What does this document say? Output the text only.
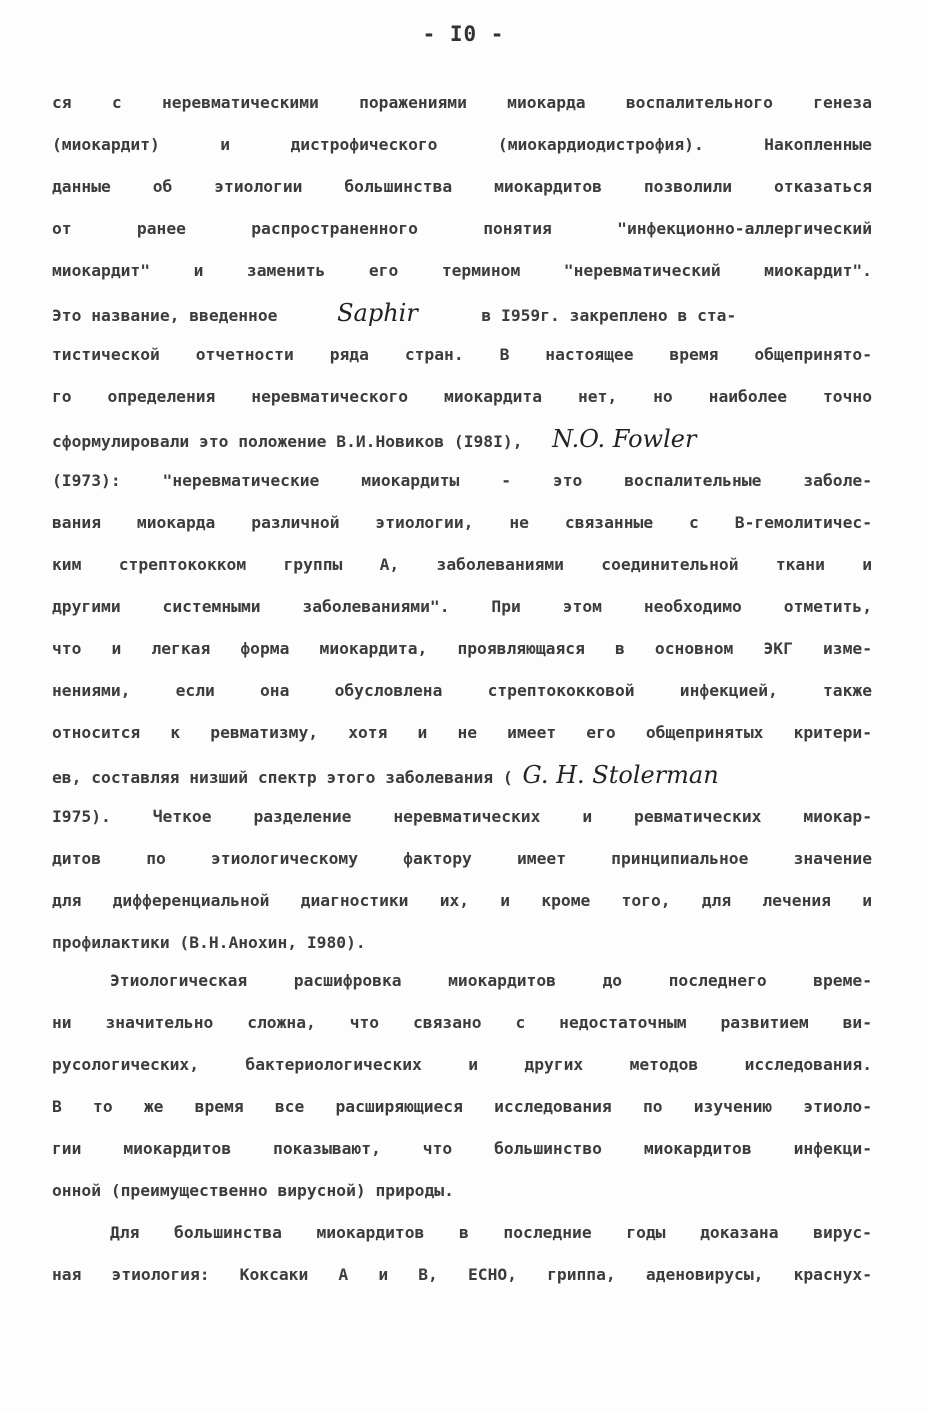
- I0 -
ся с неревматическими поражениями миокарда воспалительного генеза
(миокардит) и дистрофического (миокардиодистрофия). Накопленные
данные об этиологии большинства миокардитов позволили отказаться
от ранее распространенного понятия "инфекционно-аллергический
миокардит" и заменить его термином "неревматический миокардит".
Это название, введенное Saphir	в I959г. закреплено в ста-
тистической отчетности ряда стран. В настоящее время общепринято-
го определения неревматического миокардита нет, но наиболее точно
сформулировали это положение В.И.Новиков (I98I), N.O. Fowler
(I973): "неревматические миокардиты - это воспалительные заболе-
вания миокарда различной этиологии, не связанные с В-гемолитичес-
ким стрептококком группы А, заболеваниями соединительной ткани и
другими системными заболеваниями". При этом необходимо отметить,
что и легкая форма миокардита, проявляющаяся в основном ЭКГ изме-
нениями, если она обусловлена стрептококковой инфекцией, также
относится к ревматизму, хотя и не имеет его общепринятых критери-
ев, составляя низший спектр этого заболевания ( G. H. Stolerman
I975). Четкое разделение неревматических и ревматических миокар-
дитов по этиологическому фактору имеет принципиальное значение
для дифференциальной диагностики их, и кроме того, для лечения и
профилактики (В.Н.Анохин, I980).
Этиологическая расшифровка миокардитов до последнего време-
ни значительно сложна, что связано с недостаточным развитием ви-
русологических, бактериологических и других методов исследования.
В то же время все расширяющиеся исследования по изучению этиоло-
гии миокардитов показывают, что большинство миокардитов инфекци-
онной (преимущественно вирусной) природы.
Для большинства миокардитов в последние годы доказана вирус-
ная этиология: Коксаки А и В, ЕСНО, гриппа, аденовирусы, краснух-
